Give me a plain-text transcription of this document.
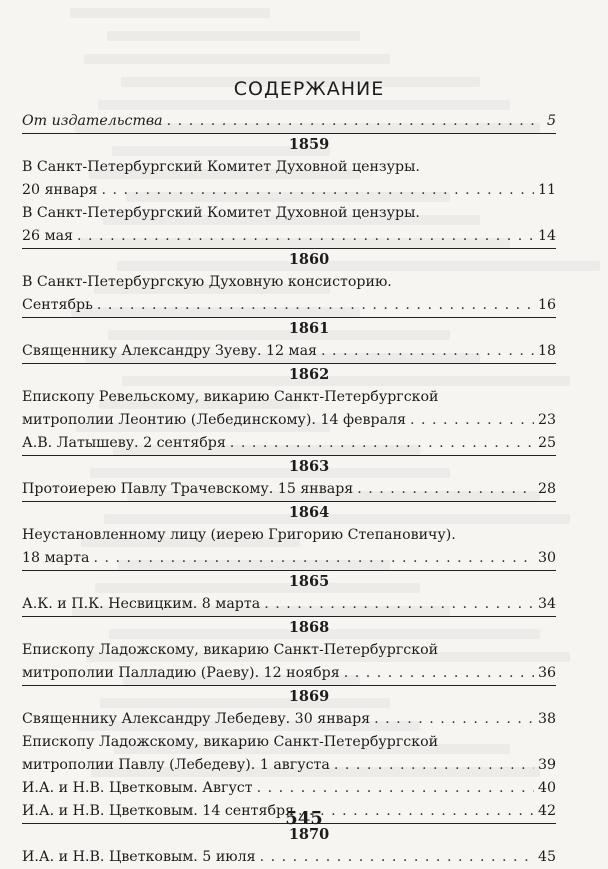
СОДЕРЖАНИЕ
От издательства . . .	5
1859
В Санкт-Петербургский Комитет Духовной цензуры.
20 января . . .	11
В Санкт-Петербургский Комитет Духовной цензуры.
26 мая . . .	14
1860
В Санкт-Петербургскую Духовную консисторию.
Сентябрь . . .	16
1861
Священнику Александру Зуеву. 12 мая . . .	18
1862
Епископу Ревельскому, викарию Санкт-Петербургской
митрополии Леонтию (Лебединскому). 14 февраля . . .	23
А.В. Латышеву. 2 сентября . . .	25
1863
Протоиерею Павлу Трачевскому. 15 января . . .	28
1864
Неустановленному лицу (иерею Григорию Степановичу).
18 марта . . .	30
1865
А.К. и П.К. Несвицким. 8 марта . . .	34
1868
Епископу Ладожскому, викарию Санкт-Петербургской
митрополии Палладию (Раеву). 12 ноября . . .	36
1869
Священнику Александру Лебедеву. 30 января . . .	38
Епископу Ладожскому, викарию Санкт-Петербургской
митрополии Павлу (Лебедеву). 1 августа . . .	39
И.А. и Н.В. Цветковым. Август . . .	40
И.А. и Н.В. Цветковым. 14 сентября . . .	42
1870
И.А. и Н.В. Цветковым. 5 июля . . .	45
545
